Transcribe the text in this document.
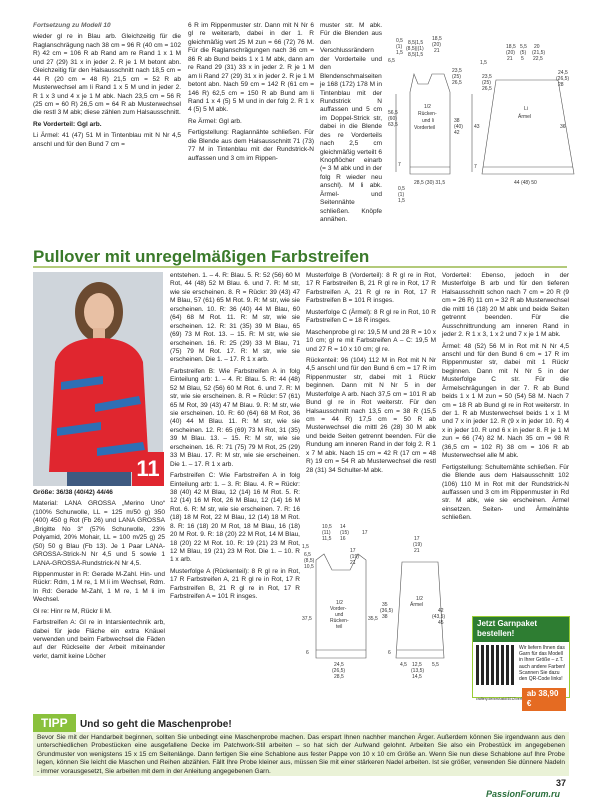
Fortsetzung zu Modell 10

wieder gl re in Blau arb. Gleichzeitig für die Raglanschrägung nach 38 cm = 96 R (40 cm = 102 R) 42 cm = 106 R ab Rand am re Rand 1 x 1 M und 27 (29) 31 x in jeder 2. R je 1 M betont abn. Gleichzeitig für den Halsausschnitt nach 18,5 cm = 44 R (20 cm = 48 R) 21,5 cm = 52 R ab Musterwechsel am li Rand 1 x 5 M und in jeder 2. R 1 x 3 und 4 x je 1 M abk. Nach 23,5 cm = 56 R (25 cm = 60 R) 26,5 cm = 64 R ab Musterwechsel die restl 3 M abk; diese zählen zum Halsausschnitt.

Re Vorderteil: Ggl arb.

Li Ärmel: 41 (47) 51 M in Tintenblau mit N Nr 4,5 anschl und für den Bund 7 cm =

6 R im Rippenmuster str. Dann mit N Nr 6 gl re weiterarb, dabei in der 1. R gleichmäßig vert 25 M zun = 66 (72) 76 M. Für die Raglanschrägungen nach 36 cm = 86 R ab Bund beids 1 x 1 M abk, dann am re Rand 29 (31) 33 x in jeder 2. R je 1 M am li Rand 27 (29) 31 x in jeder 2. R je 1 M betont abn. Nach 59 cm = 142 R (61 cm = 146 R) 62,5 cm = 150 R ab Bund am li Rand 1 x 4 (5) 5 M und in der folg 2. R 1 x 4 (5) 5 M abk.

Re Ärmel: Ggl arb.

Fertigstellung: Raglannähte schließen. Für die Blende aus dem Halsausschnitt 71 (73) 77 M in Tintenblau mit der Rundstrick-N auffassen und 3 cm im Rippen-

muster str. M abk. Für die Blenden aus den Verschlussrändern der Vorderteile und den Blendenschmalseiten je 168 (172) 178 M in Tintenblau mit der Rundstrick N auffassen und 5 cm im Doppel-Strick str, dabei in die Blende des re Vorderteils nach 2,5 cm gleichmäßig verteilt 6 Knopflöcher einarb (= 3 M abk und in der folg R wieder neu anschl). M li abk. Ärmel- und Seitennähte schließen. Knöpfe annähen.

0,5
(1)
1,5
8,5|1,5
18,5
(8,5)|(1)
(20)
8,5|1,5
21
6,5
23,5
(25)
26,5
56,5
(60)
63,5
38
(40)
42
1/2
Rücken-
und li
Vorderteil
7
28,5 (30) 31,5
0,5
(1)
1,5
18,5
(20)
21
5,5
(5)
5
20
(21,5)
22,5
1,5
23,5
(25)
26,5
24,5
(26,5)
28
43	36
Li
Ärmel
7
44 (48) 50
Pullover mit unregelmäßigen Farbstreifen
11

Größe: 36/38 (40/42) 44/46

Material: LANA GROSSA „Merino Uno“ (100% Schurwolle, LL = 125 m/50 g) 350 (400) 450 g Rot (Fb 26) und LANA GROSSA „Brigitte No 3“ (57% Schurwolle, 23% Polyamid, 20% Mohair, LL = 100 m/25 g) 25 (50) 50 g Blau (Fb 13). Je 1 Paar LANA-GROSSA-Strick-N Nr 4,5 und 5 sowie 1 LANA-GROSSA-Rundstrick-N Nr 4,5.

Rippenmuster in R: Gerade M-Zahl. Hin- und Rückr: Rdm, 1 M re, 1 M li im Wechsel, Rdm. In Rd: Gerade M-Zahl, 1 M re, 1 M li im Wechsel.

Gl re: Hinr re M, Rückr li M.

Farbstreifen A: Gl re in Intarsientechnik arb, dabei für jede Fläche ein extra Knäuel verwenden und beim Farbwechsel die Fäden auf der Rückseite der Arbeit miteinander verkr, damit keine Löcher

entstehen. 1. – 4. R: Blau. 5. R: 52 (56) 60 M Rot, 44 (48) 52 M Blau. 6. und 7. R: M str, wie sie erscheinen. 8. R = Rückr: 39 (43) 47 M Blau, 57 (61) 65 M Rot. 9. R: M str, wie sie erscheinen. 10. R: 36 (40) 44 M Blau, 60 (64) 68 M Rot. 11. R: M str, wie sie erscheinen. 12. R: 31 (35) 39 M Blau, 65 (69) 73 M Rot. 13. – 15. R: M str, wie sie erscheinen. 16. R: 25 (29) 33 M Blau, 71 (75) 79 M Rot. 17. R: M str, wie sie erscheinen. Die 1. – 17. R 1 x arb.

Farbstreifen B: Wie Farbstreifen A in folg Einteilung arb: 1. – 4. R: Blau. 5. R: 44 (48) 52 M Blau, 52 (56) 60 M Rot. 6. und 7. R: M str, wie sie erscheinen. 8. R = Rückr: 57 (61) 65 M Rot, 39 (43) 47 M Blau. 9. R: M str, wie sie erscheinen. 10. R: 60 (64) 68 M Rot, 36 (40) 44 M Blau. 11. R: M str, wie sie erscheinen. 12. R: 65 (69) 73 M Rot, 31 (35) 39 M Blau. 13. – 15. R: M str, wie sie erscheinen. 16. R: 71 (75) 79 M Rot, 25 (29) 33 M Blau. 17. R: M str, wie sie erscheinen. Die 1. – 17. R 1 x arb.

Farbstreifen C: Wie Farbstreifen A in folg Einteilung arb: 1. – 3. R: Blau. 4. R = Rückr: 38 (40) 42 M Blau, 12 (14) 16 M Rot. 5. R: 12 (14) 16 M Rot, 26 M Blau, 12 (14) 16 M Rot. 6. R: M str, wie sie erscheinen. 7. R: 16 (18) 18 M Rot, 22 M Blau, 12 (14) 18 M Rot. 8. R: 16 (18) 20 M Rot, 18 M Blau, 16 (18) 20 M Rot. 9. R: 18 (20) 22 M Rot, 14 M Blau, 18 (20) 22 M Rot. 10. R: 19 (21) 23 M Rot, 12 M Blau, 19 (21) 23 M Rot. Die 1. – 10. R 1 x arb.

Musterfolge A (Rückenteil): 8 R gl re in Rot, 17 R Farbstreifen A, 21 R gl re in Rot, 17 R Farbstreifen B, 21 R gl re in Rot, 17 R Farbstreifen A = 101 R insges.

Musterfolge B (Vorderteil): 8 R gl re in Rot, 17 R Farbstreifen B, 21 R gl re in Rot, 17 R Farbstreifen A, 21 R gl re in Rot, 17 R Farbstreifen B = 101 R insges.

Musterfolge C (Ärmel): 8 R gl re in Rot, 10 R Farbstreifen C = 18 R insges.

Maschenprobe gl re: 19,5 M und 28 R = 10 x 10 cm; gl re mit Farbstreifen A – C: 19,5 M und 27 R = 10 x 10 cm; gl re.

Rückenteil: 96 (104) 112 M in Rot mit N Nr 4,5 anschl und für den Bund 6 cm = 17 R im Rippenmuster str, dabei mit 1 Rückr beginnen. Dann mit N Nr 5 in der Musterfolge A arb. Nach 37,5 cm = 101 R ab Bund gl re in Rot weiterstr. Für den Halsausschnitt nach 13,5 cm = 38 R (15,5 cm = 44 R) 17,5 cm = 50 R ab Musterwechsel die mittl 26 (28) 30 M abk und beide Seiten getrennt beenden. Für die Rundung am inneren Rand in der folg 2. R 1 x 7 M abk. Nach 15 cm = 42 R (17 cm = 48 R) 19 cm = 54 R ab Musterwechsel die restl 28 (31) 34 Schulter-M abk.

Vorderteil: Ebenso, jedoch in der Musterfolge B arb und für den tieferen Halsausschnitt schon nach 7 cm = 20 R (9 cm = 26 R) 11 cm = 32 R ab Musterwechsel die mittl 16 (18) 20 M abk und beide Seiten getrennt beenden. Für die Ausschnittrundung am inneren Rand in jeder 2. R 1 x 3, 1 x 2 und 7 x je 1 M abk.

Ärmel: 48 (52) 56 M in Rot mit N Nr 4,5 anschl und für den Bund 6 cm = 17 R im Rippenmuster str, dabei mit 1 Rückr beginnen. Dann mit N Nr 5 in der Musterfolge C str. Für die Ärmelschrägungen in der 7. R ab Bund beids 1 x 1 M zun = 50 (54) 58 M. Nach 7 cm = 18 R ab Bund gl re in Rot weiterstr. In der 1. R ab Musterwechsel beids 1 x 1 M und 7 x in jeder 12. R (9 x in jeder 10. R) 4 x in jeder 10. R und 6 x in jeder 8. R je 1 M zun = 66 (74) 82 M. Nach 35 cm = 98 R (36,5 cm = 102 R) 38 cm = 106 R ab Musterwechsel alle M abk.

Fertigstellung: Schulternähte schließen. Für die Blende aus dem Halsausschnitt 102 (106) 110 M in Rot mit der Rundstrick-N auffassen und 3 cm im Rippenmuster in Rd str. M abk, wie sie erscheinen. Ärmel einsetzen. Seiten- und Ärmelnähte schließen.

10,5
(11)
11,5
14
(15)
16
17
1,5
6,5
(8,5)
10,5
17
(19)
21
37,5	35,5
1/2
Vorder-
und
Rücken-
teil
6
24,5
(26,5)
28,5
17
(19)
21
35
(36,5)
38
1/2
Ärmel
42
(43,5)
45
6
4,5 12,5
(13,5)
14,5
5,5
Jetzt Garnpaket bestellen!
Wir liefern Ihnen das Garn für das Modell in Ihrer Größe – z.T. auch andere Farben! Scannen Sie dazu den QR-Code links!
craftery.de/wm/ustd/4012/verf
ab 38,90 €
TIPP	Und so geht die Maschenprobe!

Bevor Sie mit der Handarbeit beginnen, sollten Sie unbedingt eine Maschenprobe machen. Das erspart Ihnen nachher manchen Ärger. Außerdem können Sie irgendwann aus den unterschiedlichen Probestücken eine ausgefallene Decke im Patchwork-Stil arbeiten – so hat sich der Aufwand gelohnt. Arbeiten Sie also ein Probestück im angegebenen Grundmuster von wenigstens 15 x 15 cm Seitenlänge. Dann fertigen Sie eine Schablone aus fester Pappe von 10 x 10 cm Größe an. Wenn Sie nun diese Schablone auf Ihre Probe legen, können Sie leicht die Maschen und Reihen abzählen. Fällt Ihre Probe kleiner aus, müssen Sie mit einer stärkeren Nadel arbeiten. Ist sie größer, verwenden Sie dünnere Nadeln - immer vorausgesetzt, Sie arbeiten mit dem in der Anleitung angegebenen Garn.

37
PassionForum.ru
